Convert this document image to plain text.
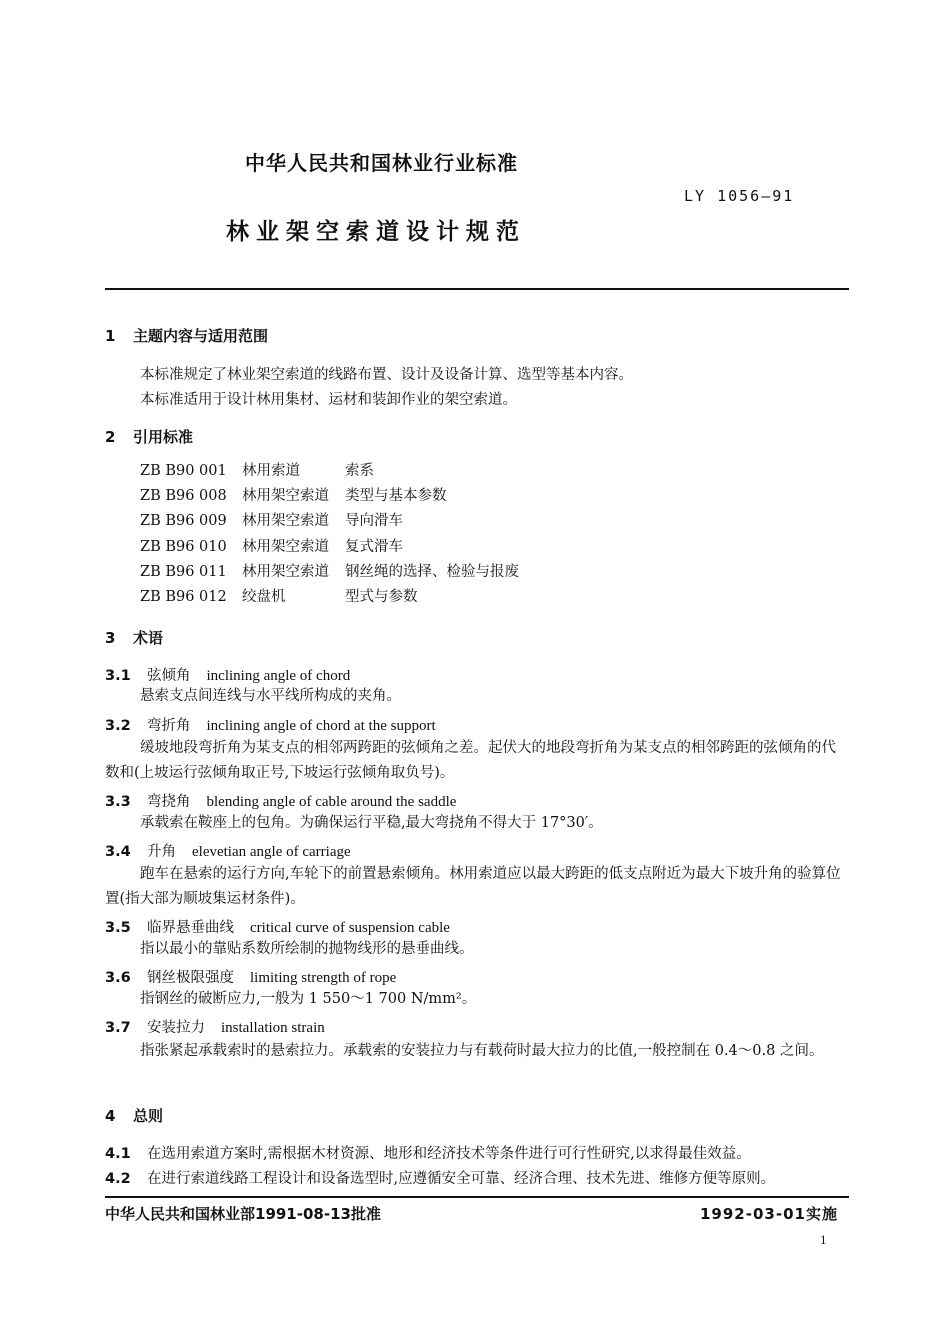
中华人民共和国林业行业标准
LY 1056—91
林业架空索道设计规范
1 主题内容与适用范围
本标准规定了林业架空索道的线路布置、设计及设备计算、选型等基本内容。
本标准适用于设计林用集材、运材和装卸作业的架空索道。
2 引用标准
ZB B90 001	林用索道	索系
ZB B96 008	林用架空索道	类型与基本参数
ZB B96 009	林用架空索道	导向滑车
ZB B96 010	林用架空索道	复式滑车
ZB B96 011	林用架空索道	钢丝绳的选择、检验与报废
ZB B96 012	绞盘机	型式与参数
3 术语
3.1 弦倾角 inclining angle of chord
悬索支点间连线与水平线所构成的夹角。
3.2 弯折角 inclining angle of chord at the support
缓坡地段弯折角为某支点的相邻两跨距的弦倾角之差。起伏大的地段弯折角为某支点的相邻跨距的弦倾角的代数和(上坡运行弦倾角取正号,下坡运行弦倾角取负号)。
3.3 弯挠角 blending angle of cable around the saddle
承载索在鞍座上的包角。为确保运行平稳,最大弯挠角不得大于 17°30′。
3.4 升角 elevetian angle of carriage
跑车在悬索的运行方向,车轮下的前置悬索倾角。林用索道应以最大跨距的低支点附近为最大下坡升角的验算位置(指大部为顺坡集运材条件)。
3.5 临界悬垂曲线 critical curve of suspension cable
指以最小的靠贴系数所绘制的抛物线形的悬垂曲线。
3.6 钢丝极限强度 limiting strength of rope
指钢丝的破断应力,一般为 1 550～1 700 N/mm²。
3.7 安装拉力 installation strain
指张紧起承载索时的悬索拉力。承载索的安装拉力与有载荷时最大拉力的比值,一般控制在 0.4～0.8 之间。
4 总则
4.1 在选用索道方案时,需根据木材资源、地形和经济技术等条件进行可行性研究,以求得最佳效益。
4.2 在进行索道线路工程设计和设备选型时,应遵循安全可靠、经济合理、技术先进、维修方便等原则。
中华人民共和国林业部1991-08-13批准	1992-03-01实施
1
